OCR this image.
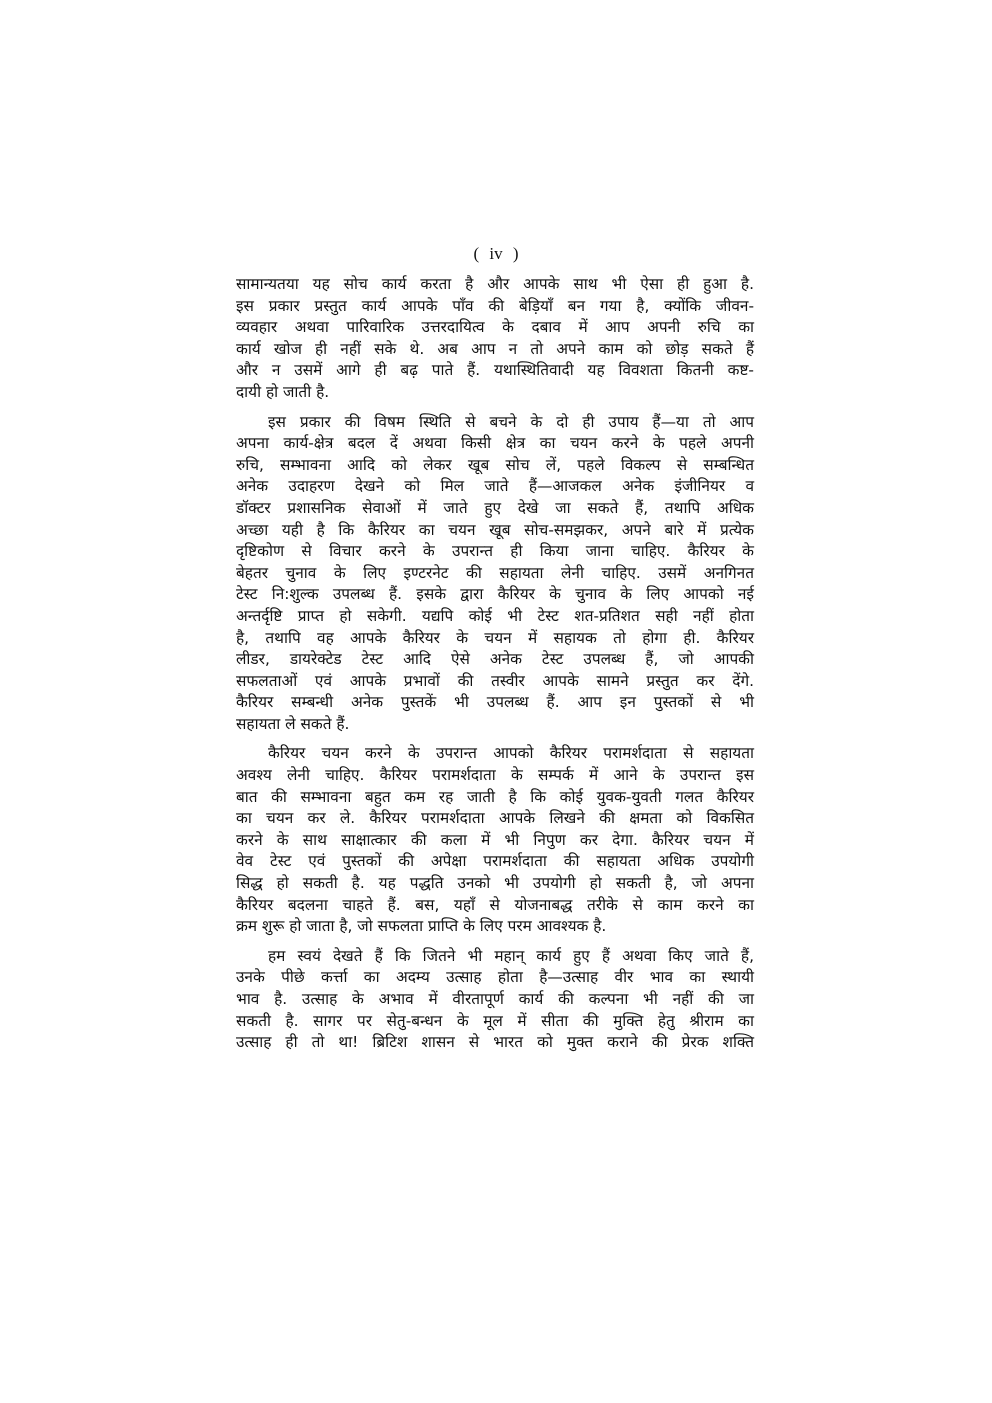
( iv )
सामान्यतया यह सोच कार्य करता है और आपके साथ भी ऐसा ही हुआ है.
इस प्रकार प्रस्तुत कार्य आपके पाँव की बेड़ियाँ बन गया है, क्योंकि जीवन-
व्यवहार अथवा पारिवारिक उत्तरदायित्व के दबाव में आप अपनी रुचि का
कार्य खोज ही नहीं सके थे. अब आप न तो अपने काम को छोड़ सकते हैं
और न उसमें आगे ही बढ़ पाते हैं. यथास्थितिवादी यह विवशता कितनी कष्ट-
दायी हो जाती है.
इस प्रकार की विषम स्थिति से बचने के दो ही उपाय हैं—या तो आप
अपना कार्य-क्षेत्र बदल दें अथवा किसी क्षेत्र का चयन करने के पहले अपनी
रुचि, सम्भावना आदि को लेकर खूब सोच लें, पहले विकल्प से सम्बन्धित
अनेक उदाहरण देखने को मिल जाते हैं—आजकल अनेक इंजीनियर व
डॉक्टर प्रशासनिक सेवाओं में जाते हुए देखे जा सकते हैं, तथापि अधिक
अच्छा यही है कि कैरियर का चयन खूब सोच-समझकर, अपने बारे में प्रत्येक
दृष्टिकोण से विचार करने के उपरान्त ही किया जाना चाहिए. कैरियर के
बेहतर चुनाव के लिए इण्टरनेट की सहायता लेनी चाहिए. उसमें अनगिनत
टेस्ट नि:शुल्क उपलब्ध हैं. इसके द्वारा कैरियर के चुनाव के लिए आपको नई
अन्तर्दृष्टि प्राप्त हो सकेगी. यद्यपि कोई भी टेस्ट शत-प्रतिशत सही नहीं होता
है, तथापि वह आपके कैरियर के चयन में सहायक तो होगा ही. कैरियर
लीडर, डायरेक्टेड टेस्ट आदि ऐसे अनेक टेस्ट उपलब्ध हैं, जो आपकी
सफलताओं एवं आपके प्रभावों की तस्वीर आपके सामने प्रस्तुत कर देंगे.
कैरियर सम्बन्धी अनेक पुस्तकें भी उपलब्ध हैं. आप इन पुस्तकों से भी
सहायता ले सकते हैं.
कैरियर चयन करने के उपरान्त आपको कैरियर परामर्शदाता से सहायता
अवश्य लेनी चाहिए. कैरियर परामर्शदाता के सम्पर्क में आने के उपरान्त इस
बात की सम्भावना बहुत कम रह जाती है कि कोई युवक-युवती गलत कैरियर
का चयन कर ले. कैरियर परामर्शदाता आपके लिखने की क्षमता को विकसित
करने के साथ साक्षात्कार की कला में भी निपुण कर देगा. कैरियर चयन में
वेव टेस्ट एवं पुस्तकों की अपेक्षा परामर्शदाता की सहायता अधिक उपयोगी
सिद्ध हो सकती है. यह पद्धति उनको भी उपयोगी हो सकती है, जो अपना
कैरियर बदलना चाहते हैं. बस, यहाँ से योजनाबद्ध तरीके से काम करने का
क्रम शुरू हो जाता है, जो सफलता प्राप्ति के लिए परम आवश्यक है.
हम स्वयं देखते हैं कि जितने भी महान् कार्य हुए हैं अथवा किए जाते हैं,
उनके पीछे कर्त्ता का अदम्य उत्साह होता है—उत्साह वीर भाव का स्थायी
भाव है. उत्साह के अभाव में वीरतापूर्ण कार्य की कल्पना भी नहीं की जा
सकती है. सागर पर सेतु-बन्धन के मूल में सीता की मुक्ति हेतु श्रीराम का
उत्साह ही तो था! ब्रिटिश शासन से भारत को मुक्त कराने की प्रेरक शक्ति
